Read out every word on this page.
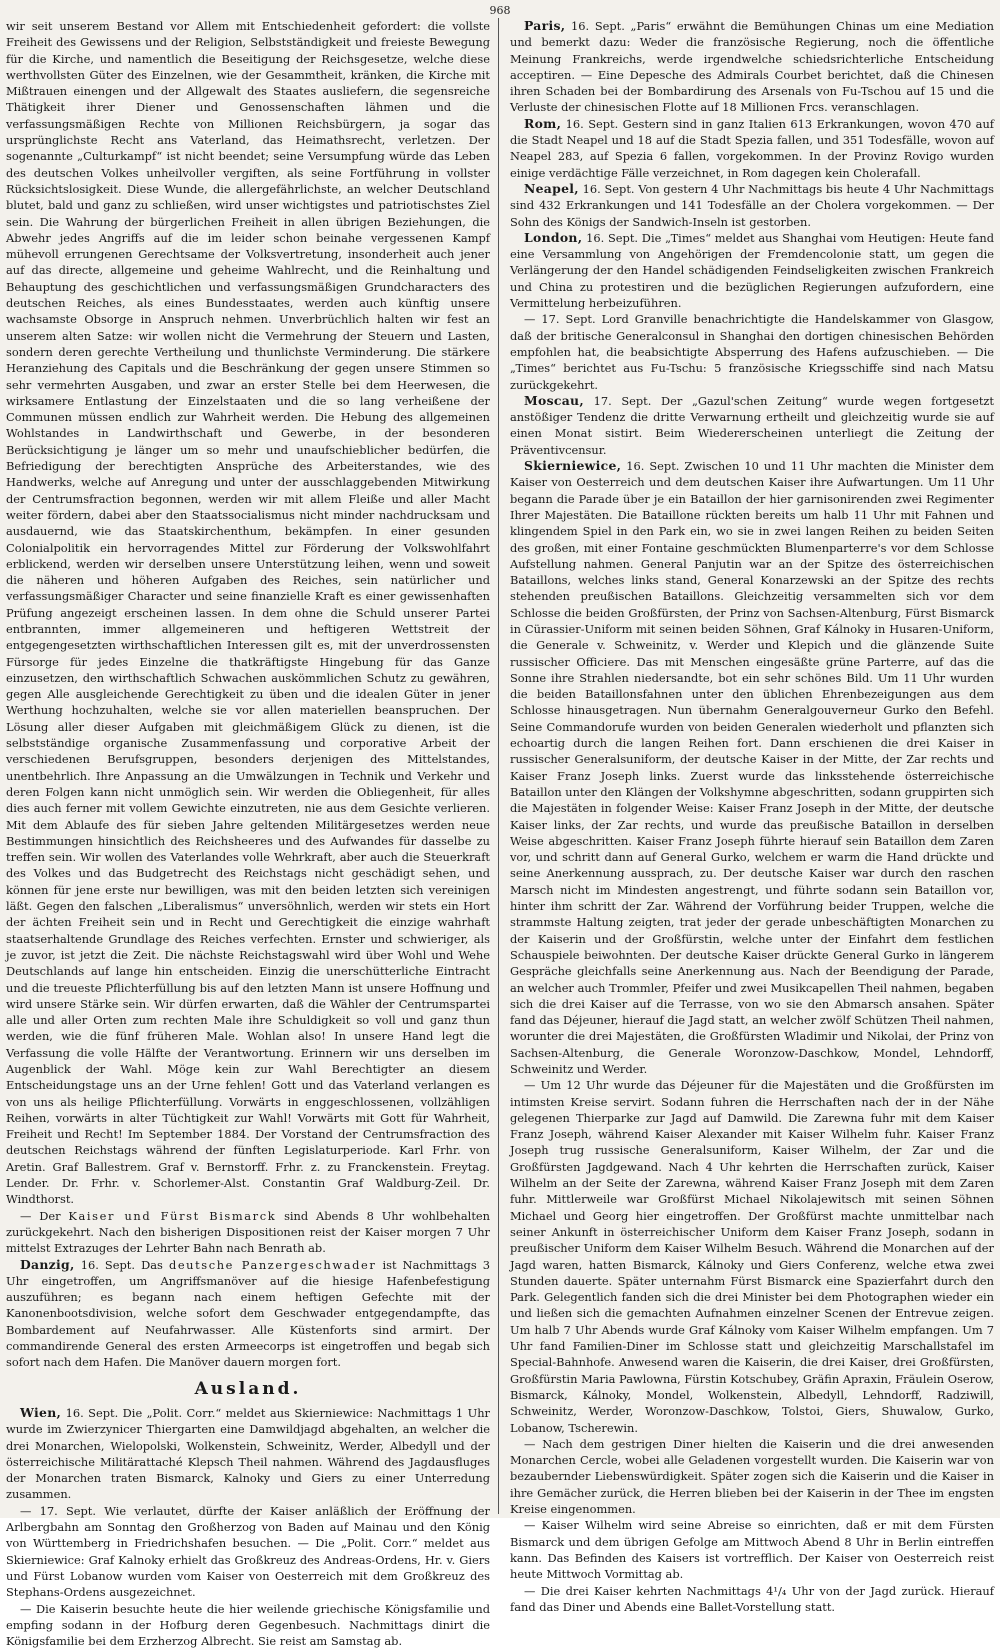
968

wir seit unserem Bestand vor Allem mit Entschiedenheit gefordert: die vollste Freiheit des Gewissens und der Religion, Selbstständigkeit und freieste Bewegung für die Kirche, und namentlich die Beseitigung der Reichsgesetze, welche diese werthvollsten Güter des Einzelnen, wie der Gesammtheit, kränken, die Kirche mit Mißtrauen einengen und der Allgewalt des Staates ausliefern, die segensreiche Thätigkeit ihrer Diener und Genossenschaften lähmen und die verfassungsmäßigen Rechte von Millionen Reichsbürgern, ja sogar das ursprünglichste Recht ans Vaterland, das Heimathsrecht, verletzen. Der sogenannte „Culturkampf“ ist nicht beendet; seine Versumpfung würde das Leben des deutschen Volkes unheilvoller vergiften, als seine Fortführung in vollster Rücksichtslosigkeit. Diese Wunde, die allergefährlichste, an welcher Deutschland blutet, bald und ganz zu schließen, wird unser wichtigstes und patriotischstes Ziel sein. Die Wahrung der bürgerlichen Freiheit in allen übrigen Beziehungen, die Abwehr jedes Angriffs auf die im leider schon beinahe vergessenen Kampf mühevoll errungenen Gerechtsame der Volksvertretung, insonderheit auch jener auf das directe, allgemeine und geheime Wahlrecht, und die Reinhaltung und Behauptung des geschichtlichen und verfassungsmäßigen Grundcharacters des deutschen Reiches, als eines Bundesstaates, werden auch künftig unsere wachsamste Obsorge in Anspruch nehmen. Unverbrüchlich halten wir fest an unserem alten Satze: wir wollen nicht die Vermehrung der Steuern und Lasten, sondern deren gerechte Vertheilung und thunlichste Verminderung. Die stärkere Heranziehung des Capitals und die Beschränkung der gegen unsere Stimmen so sehr vermehrten Ausgaben, und zwar an erster Stelle bei dem Heerwesen, die wirksamere Entlastung der Einzelstaaten und die so lang verheißene der Communen müssen endlich zur Wahrheit werden. Die Hebung des allgemeinen Wohlstandes in Landwirthschaft und Gewerbe, in der besonderen Berücksichtigung je länger um so mehr und unaufschieblicher bedürfen, die Befriedigung der berechtigten Ansprüche des Arbeiterstandes, wie des Handwerks, welche auf Anregung und unter der ausschlaggebenden Mitwirkung der Centrumsfraction begonnen, werden wir mit allem Fleiße und aller Macht weiter fördern, dabei aber den Staatssocialismus nicht minder nachdrucksam und ausdauernd, wie das Staatskirchenthum, bekämpfen. In einer gesunden Colonialpolitik ein hervorragendes Mittel zur Förderung der Volkswohlfahrt erblickend, werden wir derselben unsere Unterstützung leihen, wenn und soweit die näheren und höheren Aufgaben des Reiches, sein natürlicher und verfassungsmäßiger Character und seine finanzielle Kraft es einer gewissenhaften Prüfung angezeigt erscheinen lassen. In dem ohne die Schuld unserer Partei entbrannten, immer allgemeineren und heftigeren Wettstreit der entgegengesetzten wirthschaftlichen Interessen gilt es, mit der unverdrossensten Fürsorge für jedes Einzelne die thatkräftigste Hingebung für das Ganze einzusetzen, den wirthschaftlich Schwachen auskömmlichen Schutz zu gewähren, gegen Alle ausgleichende Gerechtigkeit zu üben und die idealen Güter in jener Werthung hochzuhalten, welche sie vor allen materiellen beanspruchen. Der Lösung aller dieser Aufgaben mit gleichmäßigem Glück zu dienen, ist die selbstständige organische Zusammenfassung und corporative Arbeit der verschiedenen Berufsgruppen, besonders derjenigen des Mittelstandes, unentbehrlich. Ihre Anpassung an die Umwälzungen in Technik und Verkehr und deren Folgen kann nicht unmöglich sein. Wir werden die Obliegenheit, für alles dies auch ferner mit vollem Gewichte einzutreten, nie aus dem Gesichte verlieren. Mit dem Ablaufe des für sieben Jahre geltenden Militärgesetzes werden neue Bestimmungen hinsichtlich des Reichsheeres und des Aufwandes für dasselbe zu treffen sein. Wir wollen des Vaterlandes volle Wehrkraft, aber auch die Steuerkraft des Volkes und das Budgetrecht des Reichstags nicht geschädigt sehen, und können für jene erste nur bewilligen, was mit den beiden letzten sich vereinigen läßt. Gegen den falschen „Liberalismus“ unversöhnlich, werden wir stets ein Hort der ächten Freiheit sein und in Recht und Gerechtigkeit die einzige wahrhaft staatserhaltende Grundlage des Reiches verfechten. Ernster und schwieriger, als je zuvor, ist jetzt die Zeit. Die nächste Reichstagswahl wird über Wohl und Wehe Deutschlands auf lange hin entscheiden. Einzig die unerschütterliche Eintracht und die treueste Pflichterfüllung bis auf den letzten Mann ist unsere Hoffnung und wird unsere Stärke sein. Wir dürfen erwarten, daß die Wähler der Centrumspartei alle und aller Orten zum rechten Male ihre Schuldigkeit so voll und ganz thun werden, wie die fünf früheren Male. Wohlan also! In unsere Hand legt die Verfassung die volle Hälfte der Verantwortung. Erinnern wir uns derselben im Augenblick der Wahl. Möge kein zur Wahl Berechtigter an diesem Entscheidungstage uns an der Urne fehlen! Gott und das Vaterland verlangen es von uns als heilige Pflichterfüllung. Vorwärts in enggeschlossenen, vollzähligen Reihen, vorwärts in alter Tüchtigkeit zur Wahl! Vorwärts mit Gott für Wahrheit, Freiheit und Recht! Im September 1884. Der Vorstand der Centrumsfraction des deutschen Reichstags während der fünften Legislaturperiode. Karl Frhr. von Aretin. Graf Ballestrem. Graf v. Bernstorff. Frhr. z. zu Franckenstein. Freytag. Lender. Dr. Frhr. v. Schorlemer-Alst. Constantin Graf Waldburg-Zeil. Dr. Windthorst.

— Der Kaiser und Fürst Bismarck sind Abends 8 Uhr wohlbehalten zurückgekehrt. Nach den bisherigen Dispositionen reist der Kaiser morgen 7 Uhr mittelst Extrazuges der Lehrter Bahn nach Benrath ab.

Danzig, 16. Sept. Das deutsche Panzergeschwader ist Nachmittags 3 Uhr eingetroffen, um Angriffsmanöver auf die hiesige Hafenbefestigung auszuführen; es begann nach einem heftigen Gefechte mit der Kanonenbootsdivision, welche sofort dem Geschwader entgegendampfte, das Bombardement auf Neufahrwasser. Alle Küstenforts sind armirt. Der commandirende General des ersten Armeecorps ist eingetroffen und begab sich sofort nach dem Hafen. Die Manöver dauern morgen fort.

Ausland.

Wien, 16. Sept. Die „Polit. Corr.“ meldet aus Skierniewice: Nachmittags 1 Uhr wurde im Zwierzynicer Thiergarten eine Damwildjagd abgehalten, an welcher die drei Monarchen, Wielopolski, Wolkenstein, Schweinitz, Werder, Albedyll und der österreichische Militärattaché Klepsch Theil nahmen. Während des Jagdausfluges der Monarchen traten Bismarck, Kalnoky und Giers zu einer Unterredung zusammen.

— 17. Sept. Wie verlautet, dürfte der Kaiser anläßlich der Eröffnung der Arlbergbahn am Sonntag den Großherzog von Baden auf Mainau und den König von Württemberg in Friedrichshafen besuchen. — Die „Polit. Corr.“ meldet aus Skierniewice: Graf Kalnoky erhielt das Großkreuz des Andreas-Ordens, Hr. v. Giers und Fürst Lobanow wurden vom Kaiser von Oesterreich mit dem Großkreuz des Stephans-Ordens ausgezeichnet.

— Die Kaiserin besuchte heute die hier weilende griechische Königsfamilie und empfing sodann in der Hofburg deren Gegenbesuch. Nachmittags dinirt die Königsfamilie bei dem Erzherzog Albrecht. Sie reist am Samstag ab.

Paris, 16. Sept. „Paris“ erwähnt die Bemühungen Chinas um eine Mediation und bemerkt dazu: Weder die französische Regierung, noch die öffentliche Meinung Frankreichs, werde irgendwelche schiedsrichterliche Entscheidung acceptiren. — Eine Depesche des Admirals Courbet berichtet, daß die Chinesen ihren Schaden bei der Bombardirung des Arsenals von Fu-Tschou auf 15 und die Verluste der chinesischen Flotte auf 18 Millionen Frcs. veranschlagen.

Rom, 16. Sept. Gestern sind in ganz Italien 613 Erkrankungen, wovon 470 auf die Stadt Neapel und 18 auf die Stadt Spezia fallen, und 351 Todesfälle, wovon auf Neapel 283, auf Spezia 6 fallen, vorgekommen. In der Provinz Rovigo wurden einige verdächtige Fälle verzeichnet, in Rom dagegen kein Cholerafall.

Neapel, 16. Sept. Von gestern 4 Uhr Nachmittags bis heute 4 Uhr Nachmittags sind 432 Erkrankungen und 141 Todesfälle an der Cholera vorgekommen. — Der Sohn des Königs der Sandwich-Inseln ist gestorben.

London, 16. Sept. Die „Times“ meldet aus Shanghai vom Heutigen: Heute fand eine Versammlung von Angehörigen der Fremdencolonie statt, um gegen die Verlängerung der den Handel schädigenden Feindseligkeiten zwischen Frankreich und China zu protestiren und die bezüglichen Regierungen aufzufordern, eine Vermittelung herbeizuführen.

— 17. Sept. Lord Granville benachrichtigte die Handelskammer von Glasgow, daß der britische Generalconsul in Shanghai den dortigen chinesischen Behörden empfohlen hat, die beabsichtigte Absperrung des Hafens aufzuschieben. — Die „Times“ berichtet aus Fu-Tschu: 5 französische Kriegsschiffe sind nach Matsu zurückgekehrt.

Moscau, 17. Sept. Der „Gazul'schen Zeitung“ wurde wegen fortgesetzt anstößiger Tendenz die dritte Verwarnung ertheilt und gleichzeitig wurde sie auf einen Monat sistirt. Beim Wiedererscheinen unterliegt die Zeitung der Präventivcensur.

Skierniewice, 16. Sept. Zwischen 10 und 11 Uhr machten die Minister dem Kaiser von Oesterreich und dem deutschen Kaiser ihre Aufwartungen. Um 11 Uhr begann die Parade über je ein Bataillon der hier garnisonirenden zwei Regimenter Ihrer Majestäten. Die Bataillone rückten bereits um halb 11 Uhr mit Fahnen und klingendem Spiel in den Park ein, wo sie in zwei langen Reihen zu beiden Seiten des großen, mit einer Fontaine geschmückten Blumenparterre's vor dem Schlosse Aufstellung nahmen. General Panjutin war an der Spitze des österreichischen Bataillons, welches links stand, General Konarzewski an der Spitze des rechts stehenden preußischen Bataillons. Gleichzeitig versammelten sich vor dem Schlosse die beiden Großfürsten, der Prinz von Sachsen-Altenburg, Fürst Bismarck in Cürassier-Uniform mit seinen beiden Söhnen, Graf Kálnoky in Husaren-Uniform, die Generale v. Schweinitz, v. Werder und Klepich und die glänzende Suite russischer Officiere. Das mit Menschen eingesäßte grüne Parterre, auf das die Sonne ihre Strahlen niedersandte, bot ein sehr schönes Bild. Um 11 Uhr wurden die beiden Bataillonsfahnen unter den üblichen Ehrenbezeigungen aus dem Schlosse hinausgetragen. Nun übernahm Generalgouverneur Gurko den Befehl. Seine Commandorufe wurden von beiden Generalen wiederholt und pflanzten sich echoartig durch die langen Reihen fort. Dann erschienen die drei Kaiser in russischer Generalsuniform, der deutsche Kaiser in der Mitte, der Zar rechts und Kaiser Franz Joseph links. Zuerst wurde das linksstehende österreichische Bataillon unter den Klängen der Volkshymne abgeschritten, sodann gruppirten sich die Majestäten in folgender Weise: Kaiser Franz Joseph in der Mitte, der deutsche Kaiser links, der Zar rechts, und wurde das preußische Bataillon in derselben Weise abgeschritten. Kaiser Franz Joseph führte hierauf sein Bataillon dem Zaren vor, und schritt dann auf General Gurko, welchem er warm die Hand drückte und seine Anerkennung aussprach, zu. Der deutsche Kaiser war durch den raschen Marsch nicht im Mindesten angestrengt, und führte sodann sein Bataillon vor, hinter ihm schritt der Zar. Während der Vorführung beider Truppen, welche die strammste Haltung zeigten, trat jeder der gerade unbeschäftigten Monarchen zu der Kaiserin und der Großfürstin, welche unter der Einfahrt dem festlichen Schauspiele beiwohnten. Der deutsche Kaiser drückte General Gurko in längerem Gespräche gleichfalls seine Anerkennung aus. Nach der Beendigung der Parade, an welcher auch Trommler, Pfeifer und zwei Musikcapellen Theil nahmen, begaben sich die drei Kaiser auf die Terrasse, von wo sie den Abmarsch ansahen. Später fand das Déjeuner, hierauf die Jagd statt, an welcher zwölf Schützen Theil nahmen, worunter die drei Majestäten, die Großfürsten Wladimir und Nikolai, der Prinz von Sachsen-Altenburg, die Generale Woronzow-Daschkow, Mondel, Lehndorff, Schweinitz und Werder.

— Um 12 Uhr wurde das Déjeuner für die Majestäten und die Großfürsten im intimsten Kreise servirt. Sodann fuhren die Herrschaften nach der in der Nähe gelegenen Thierparke zur Jagd auf Damwild. Die Zarewna fuhr mit dem Kaiser Franz Joseph, während Kaiser Alexander mit Kaiser Wilhelm fuhr. Kaiser Franz Joseph trug russische Generalsuniform, Kaiser Wilhelm, der Zar und die Großfürsten Jagdgewand. Nach 4 Uhr kehrten die Herrschaften zurück, Kaiser Wilhelm an der Seite der Zarewna, während Kaiser Franz Joseph mit dem Zaren fuhr. Mittlerweile war Großfürst Michael Nikolajewitsch mit seinen Söhnen Michael und Georg hier eingetroffen. Der Großfürst machte unmittelbar nach seiner Ankunft in österreichischer Uniform dem Kaiser Franz Joseph, sodann in preußischer Uniform dem Kaiser Wilhelm Besuch. Während die Monarchen auf der Jagd waren, hatten Bismarck, Kálnoky und Giers Conferenz, welche etwa zwei Stunden dauerte. Später unternahm Fürst Bismarck eine Spazierfahrt durch den Park. Gelegentlich fanden sich die drei Minister bei dem Photographen wieder ein und ließen sich die gemachten Aufnahmen einzelner Scenen der Entrevue zeigen. Um halb 7 Uhr Abends wurde Graf Kálnoky vom Kaiser Wilhelm empfangen. Um 7 Uhr fand Familien-Diner im Schlosse statt und gleichzeitig Marschallstafel im Special-Bahnhofe. Anwesend waren die Kaiserin, die drei Kaiser, drei Großfürsten, Großfürstin Maria Pawlowna, Fürstin Kotschubey, Gräfin Apraxin, Fräulein Oserow, Bismarck, Kálnoky, Mondel, Wolkenstein, Albedyll, Lehndorff, Radziwill, Schweinitz, Werder, Woronzow-Daschkow, Tolstoi, Giers, Shuwalow, Gurko, Lobanow, Tscherewin.

— Nach dem gestrigen Diner hielten die Kaiserin und die drei anwesenden Monarchen Cercle, wobei alle Geladenen vorgestellt wurden. Die Kaiserin war von bezaubernder Liebenswürdigkeit. Später zogen sich die Kaiserin und die Kaiser in ihre Gemächer zurück, die Herren blieben bei der Kaiserin in der Thee im engsten Kreise eingenommen.

— Kaiser Wilhelm wird seine Abreise so einrichten, daß er mit dem Fürsten Bismarck und dem übrigen Gefolge am Mittwoch Abend 8 Uhr in Berlin eintreffen kann. Das Befinden des Kaisers ist vortrefflich. Der Kaiser von Oesterreich reist heute Mittwoch Vormittag ab.

— Die drei Kaiser kehrten Nachmittags 4¹/₄ Uhr von der Jagd zurück. Hierauf fand das Diner und Abends eine Ballet-Vorstellung statt.
